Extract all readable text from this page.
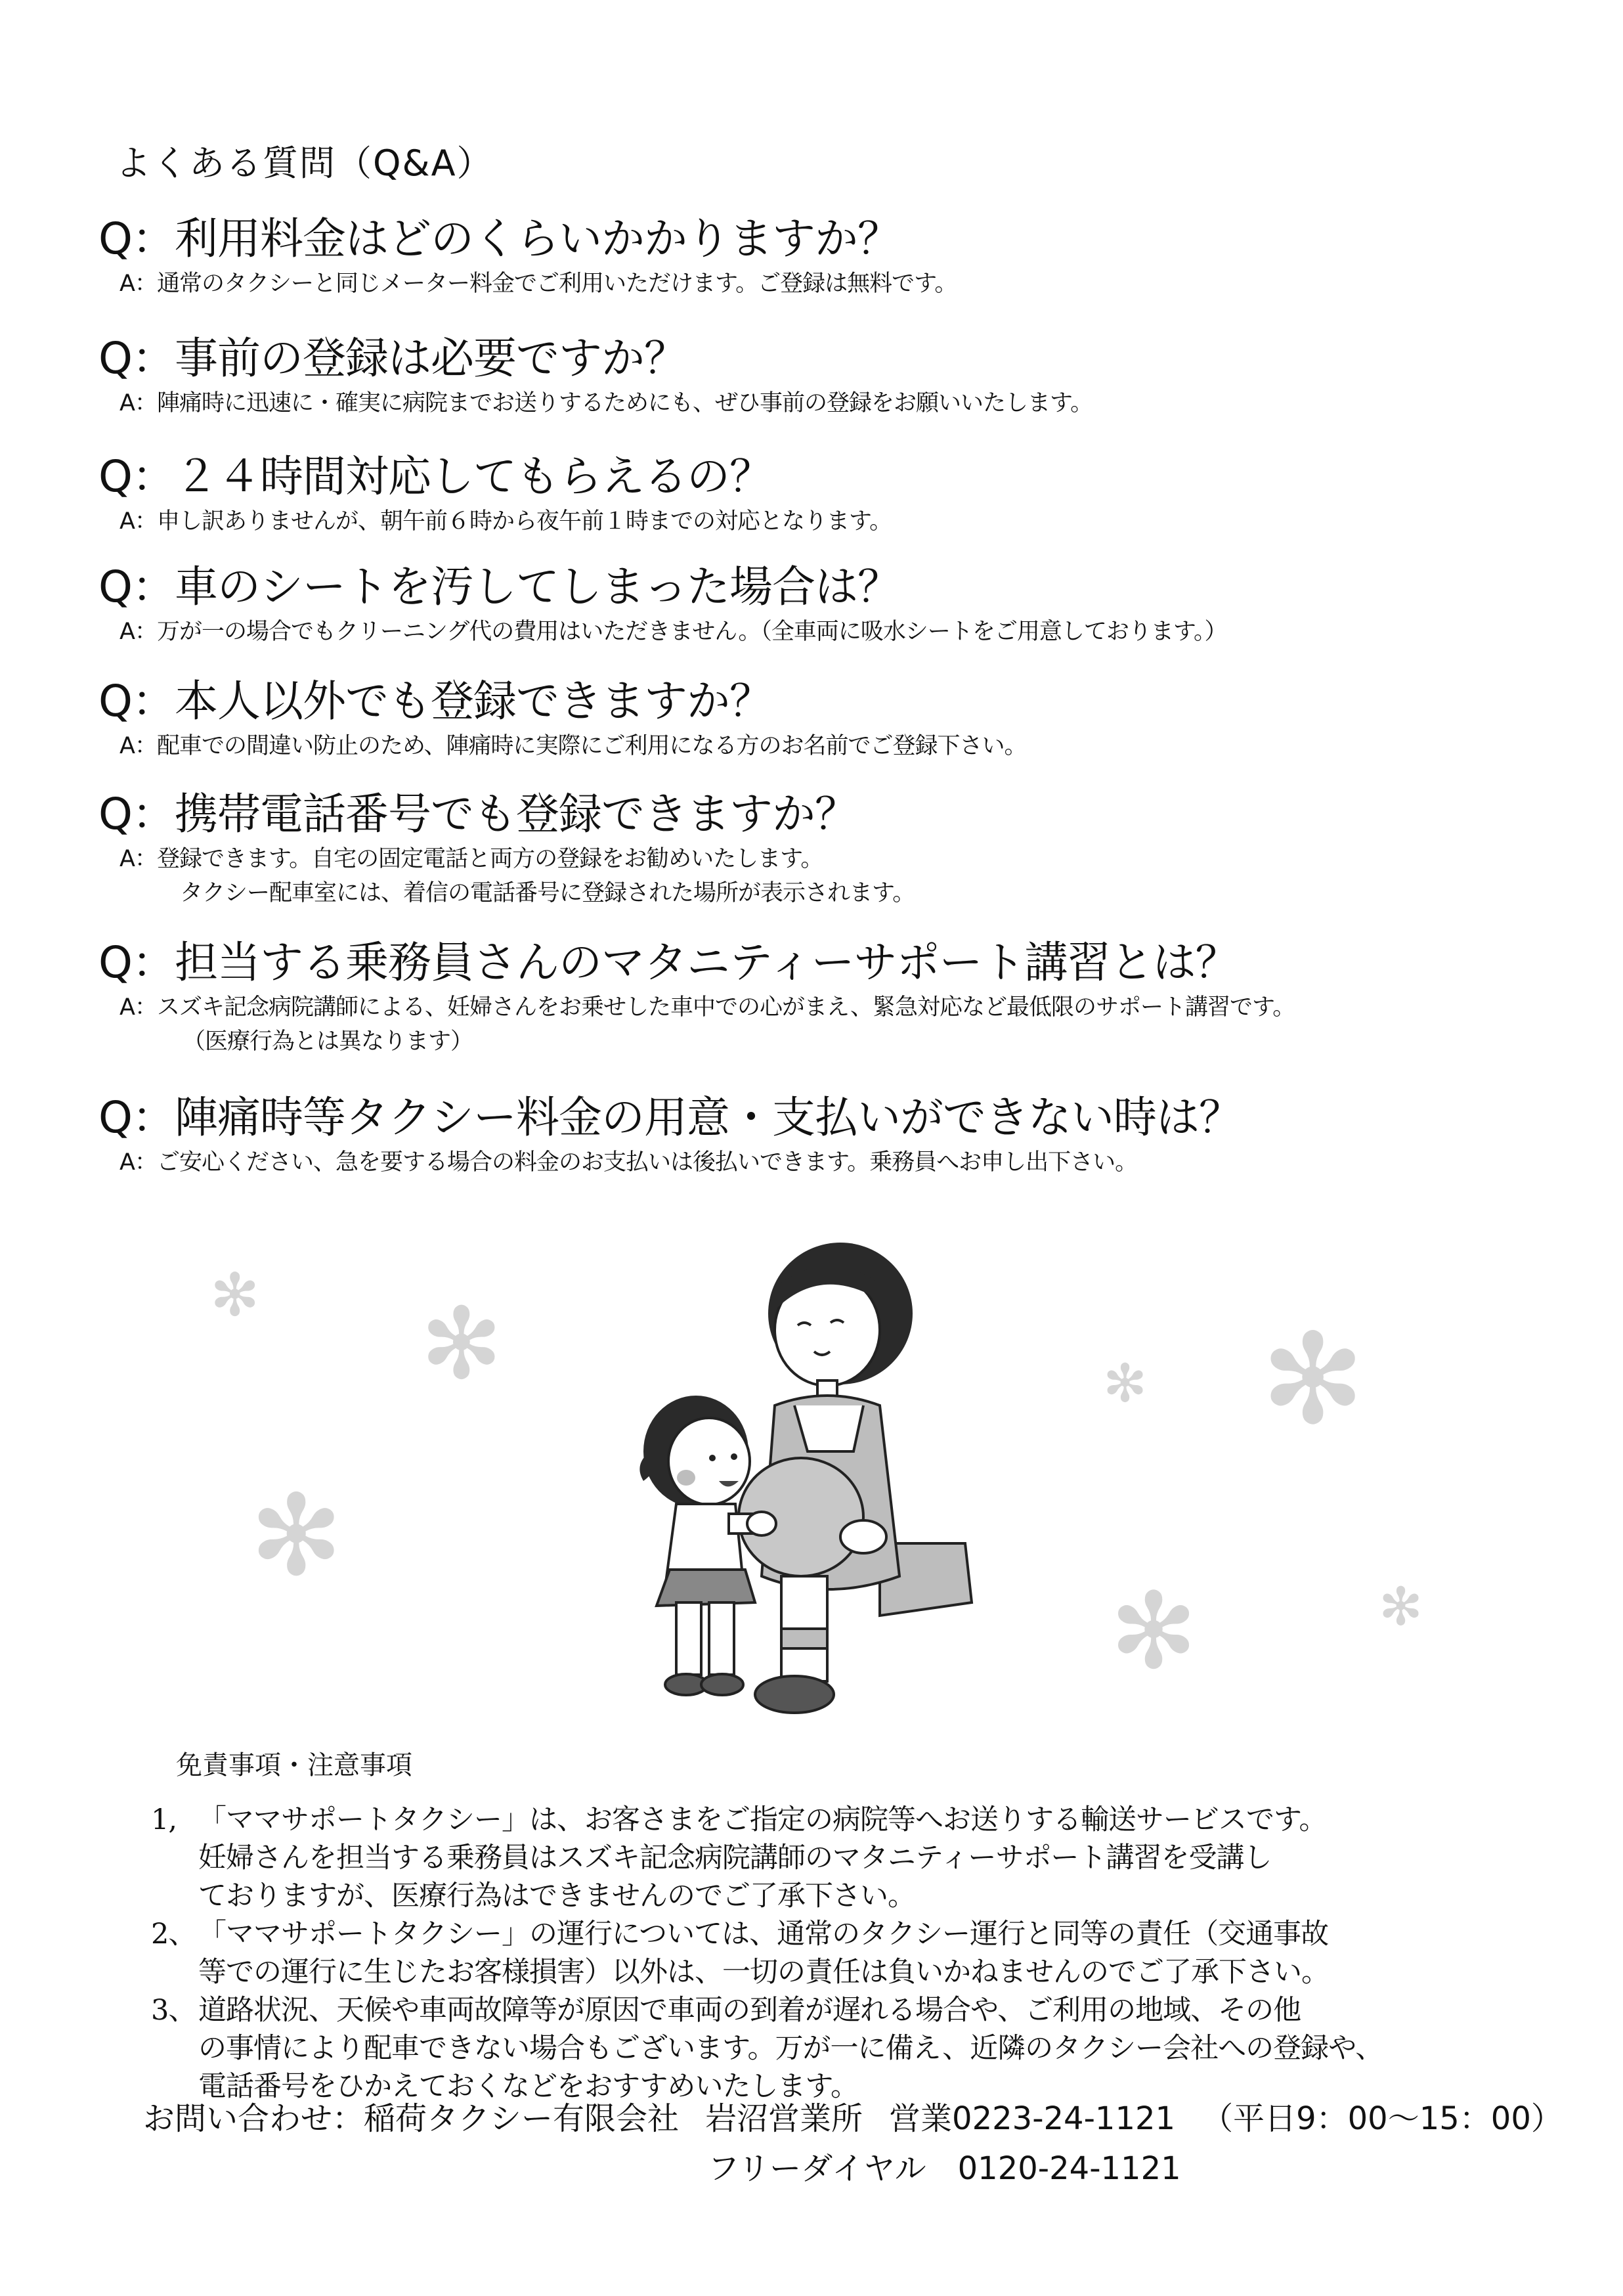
よくある質問（Q&A）
Q：利用料金はどのくらいかかりますか？
A：通常のタクシーと同じメーター料金でご利用いただけます。ご登録は無料です。
Q：事前の登録は必要ですか？
A：陣痛時に迅速に・確実に病院までお送りするためにも、ぜひ事前の登録をお願いいたします。
Q：２４時間対応してもらえるの？
A：申し訳ありませんが、朝午前６時から夜午前１時までの対応となります。
Q：車のシートを汚してしまった場合は？
A：万が一の場合でもクリーニング代の費用はいただきません。（全車両に吸水シートをご用意しております。）
Q：本人以外でも登録できますか？
A：配車での間違い防止のため、陣痛時に実際にご利用になる方のお名前でご登録下さい。
Q：携帯電話番号でも登録できますか？
A：登録できます。自宅の固定電話と両方の登録をお勧めいたします。
タクシー配車室には、着信の電話番号に登録された場所が表示されます。
Q：担当する乗務員さんのマタニティーサポート講習とは？
A：スズキ記念病院講師による、妊婦さんをお乗せした車中での心がまえ、緊急対応など最低限のサポート講習です。
（医療行為とは異なります）
Q：陣痛時等タクシー料金の用意・支払いができない時は？
A：ご安心ください、急を要する場合の料金のお支払いは後払いできます。乗務員へお申し出下さい。
✻ ✻
✻
✻
✻
✻	✻
免責事項・注意事項
1, 「ママサポートタクシー」は、お客さまをご指定の病院等へお送りする輸送サービスです。
妊婦さんを担当する乗務員はスズキ記念病院講師のマタニティーサポート講習を受講し
ておりますが、医療行為はできませんのでご了承下さい。
2、「ママサポートタクシー」の運行については、通常のタクシー運行と同等の責任（交通事故
等での運行に生じたお客様損害）以外は、一切の責任は負いかねませんのでご了承下さい。
3、道路状況、天候や車両故障等が原因で車両の到着が遅れる場合や、ご利用の地域、その他
の事情により配車できない場合もございます。万が一に備え、近隣のタクシー会社への登録や、
電話番号をひかえておくなどをおすすめいたします。
お問い合わせ：稲荷タクシー有限会社 岩沼営業所 営業0223-24-1121 （平日9：00～15：00）
フリーダイヤル　0120-24-1121
